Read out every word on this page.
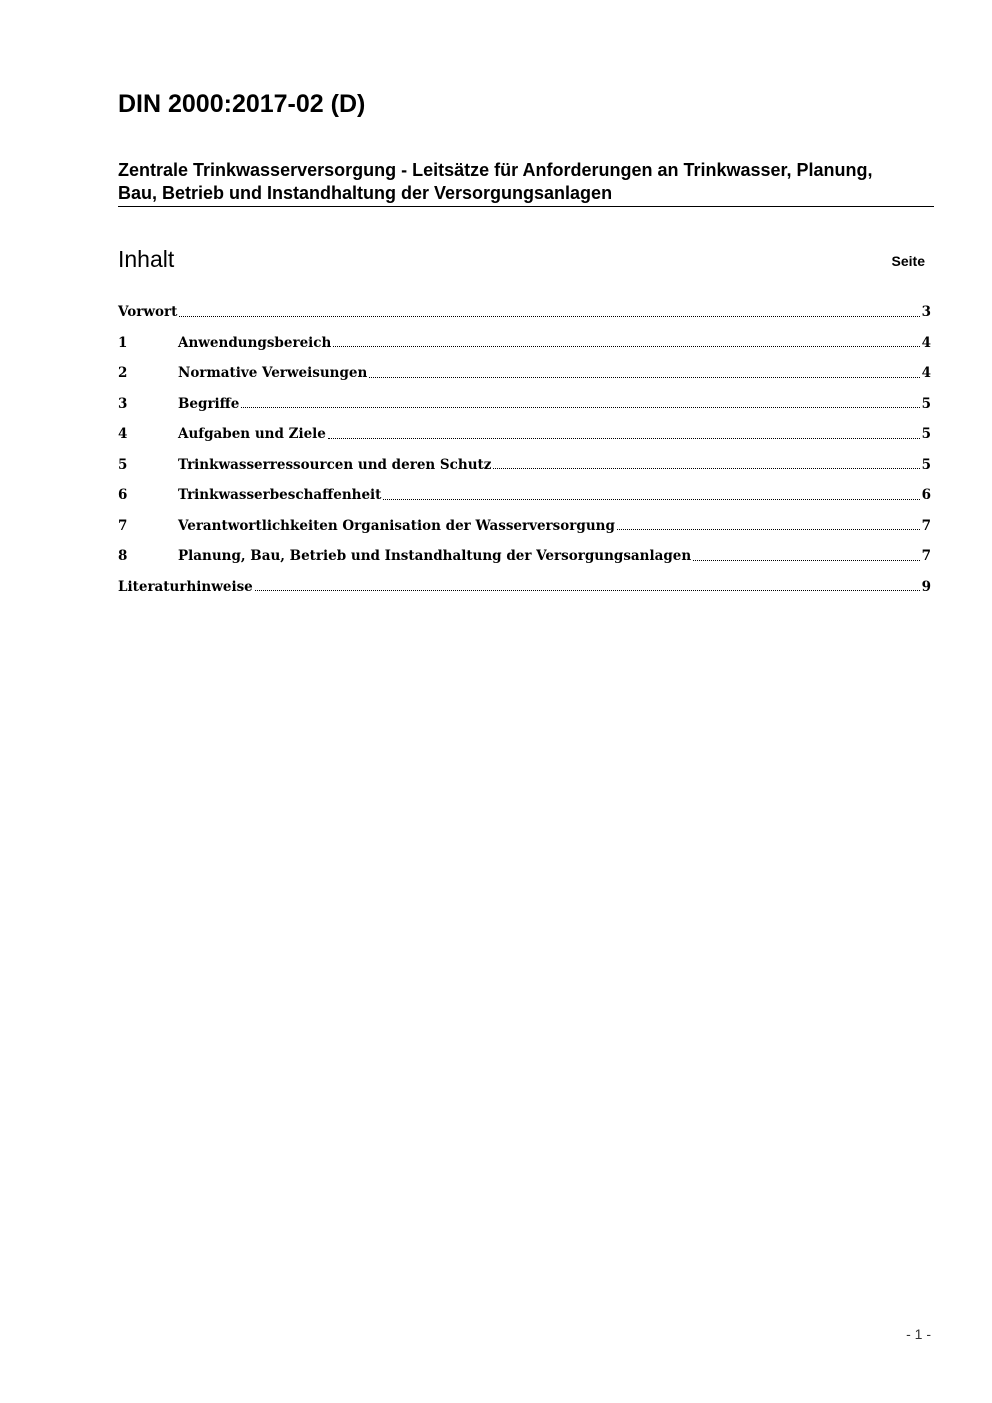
DIN 2000:2017-02 (D)
Zentrale Trinkwasserversorgung - Leitsätze für Anforderungen an Trinkwasser, Planung, Bau, Betrieb und Instandhaltung der Versorgungsanlagen
Inhalt	Seite
Vorwort	3
1	Anwendungsbereich	4
2	Normative Verweisungen	4
3	Begriffe	5
4	Aufgaben und Ziele	5
5	Trinkwasserressourcen und deren Schutz	5
6	Trinkwasserbeschaffenheit	6
7	Verantwortlichkeiten Organisation der Wasserversorgung	7
8	Planung, Bau, Betrieb und Instandhaltung der Versorgungsanlagen	7
Literaturhinweise	9
- 1 -
